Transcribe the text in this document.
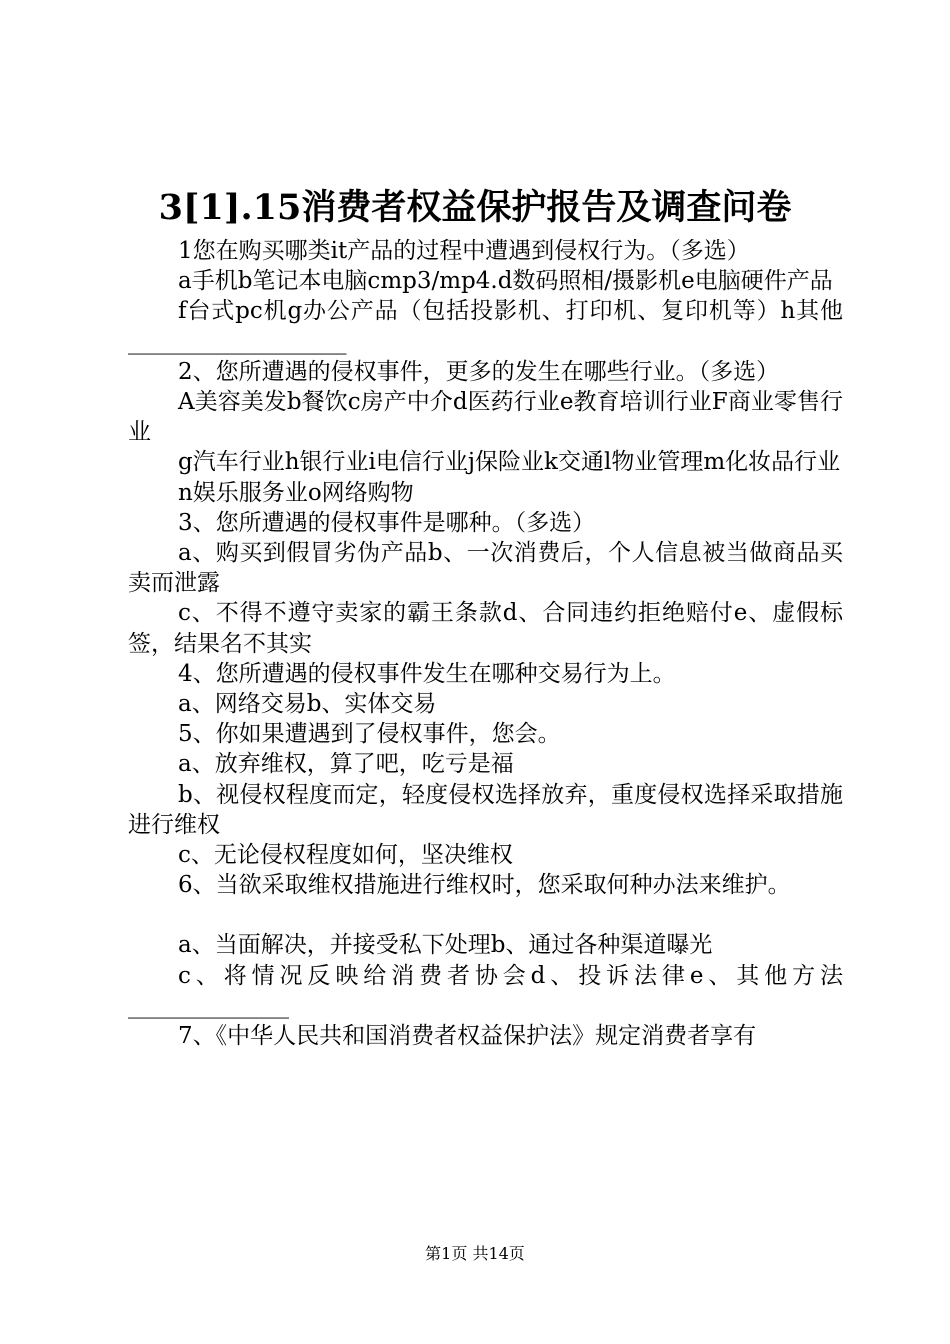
3[1].15消费者权益保护报告及调查问卷

1您在购买哪类it产品的过程中遭遇到侵权行为。（多选）

a手机b笔记本电脑cmp3/mp4.d数码照相/摄影机e电脑硬件产品

f台式pc机g办公产品（包括投影机、打印机、复印机等）h其他___________________

2、您所遭遇的侵权事件，更多的发生在哪些行业。（多选）

A美容美发b餐饮c房产中介d医药行业e教育培训行业F商业零售行业

g汽车行业h银行业i电信行业j保险业k交通l物业管理m化妆品行业

n娱乐服务业o网络购物

3、您所遭遇的侵权事件是哪种。（多选）

a、购买到假冒劣伪产品b、一次消费后，个人信息被当做商品买卖而泄露

c、不得不遵守卖家的霸王条款d、合同违约拒绝赔付e、虚假标签，结果名不其实

4、您所遭遇的侵权事件发生在哪种交易行为上。

a、网络交易b、实体交易

5、你如果遭遇到了侵权事件，您会。

a、放弃维权，算了吧，吃亏是福

b、视侵权程度而定，轻度侵权选择放弃，重度侵权选择采取措施进行维权

c、无论侵权程度如何，坚决维权

6、当欲采取维权措施进行维权时，您采取何种办法来维护。

a、当面解决，并接受私下处理b、通过各种渠道曝光

c、将情况反映给消费者协会d、投诉法律e、其他方法______________

7、《中华人民共和国消费者权益保护法》规定消费者享有

第1页 共14页
